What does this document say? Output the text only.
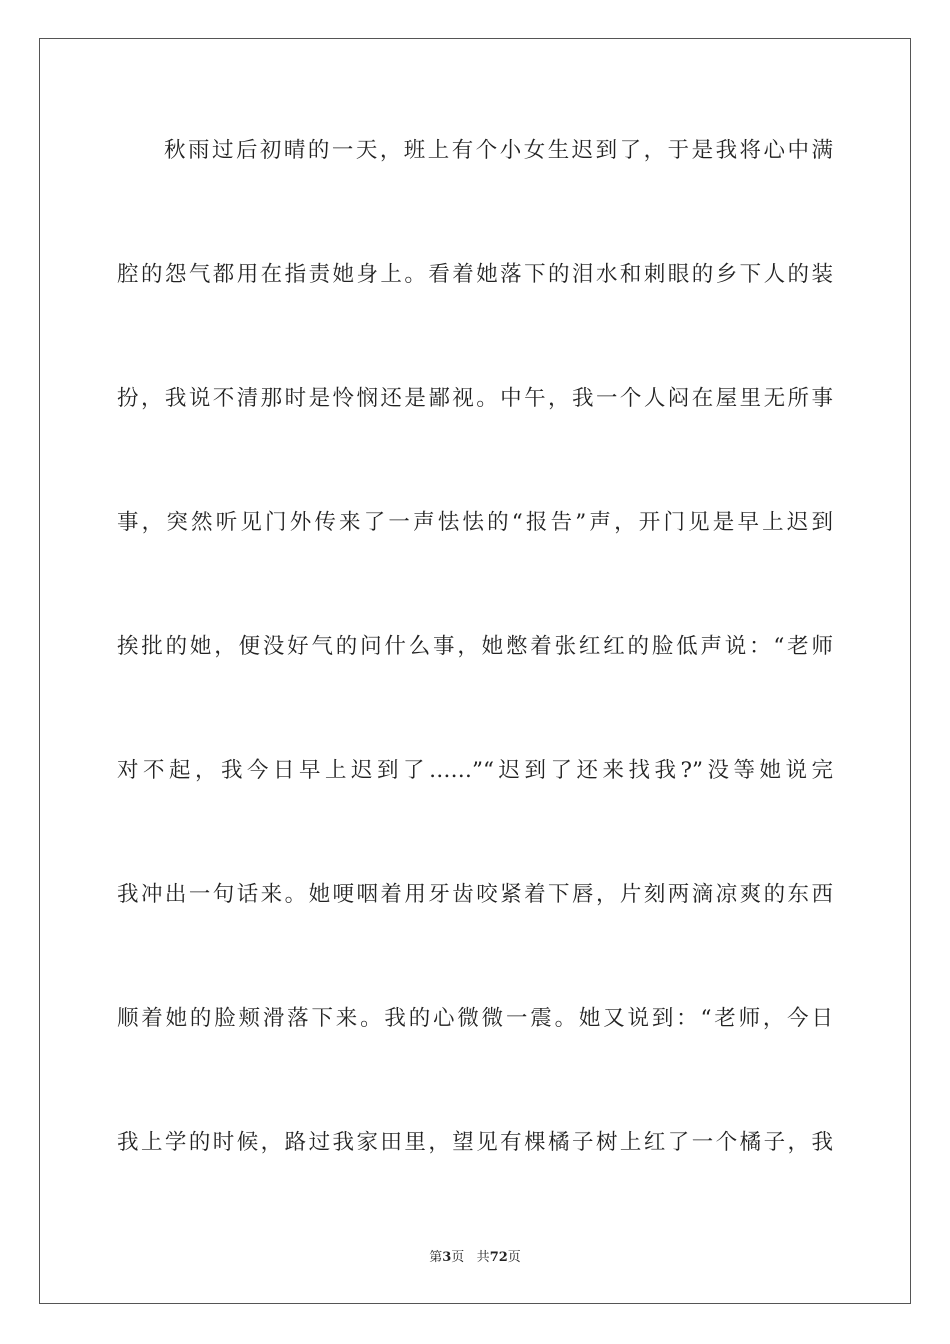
秋雨过后初晴的一天，班上有个小女生迟到了，于是我将心中满
腔的怨气都用在指责她身上。看着她落下的泪水和刺眼的乡下人的装
扮，我说不清那时是怜悯还是鄙视。中午，我一个人闷在屋里无所事
事，突然听见门外传来了一声怯怯的“报告”声，开门见是早上迟到
挨批的她，便没好气的问什么事，她憋着张红红的脸低声说：“老师
对不起，我今日早上迟到了……”“迟到了还来找我?”没等她说完
我冲出一句话来。她哽咽着用牙齿咬紧着下唇，片刻两滴凉爽的东西
顺着她的脸颊滑落下来。我的心微微一震。她又说到：“老师，今日
我上学的时候，路过我家田里，望见有棵橘子树上红了一个橘子，我
第3页 共72页
